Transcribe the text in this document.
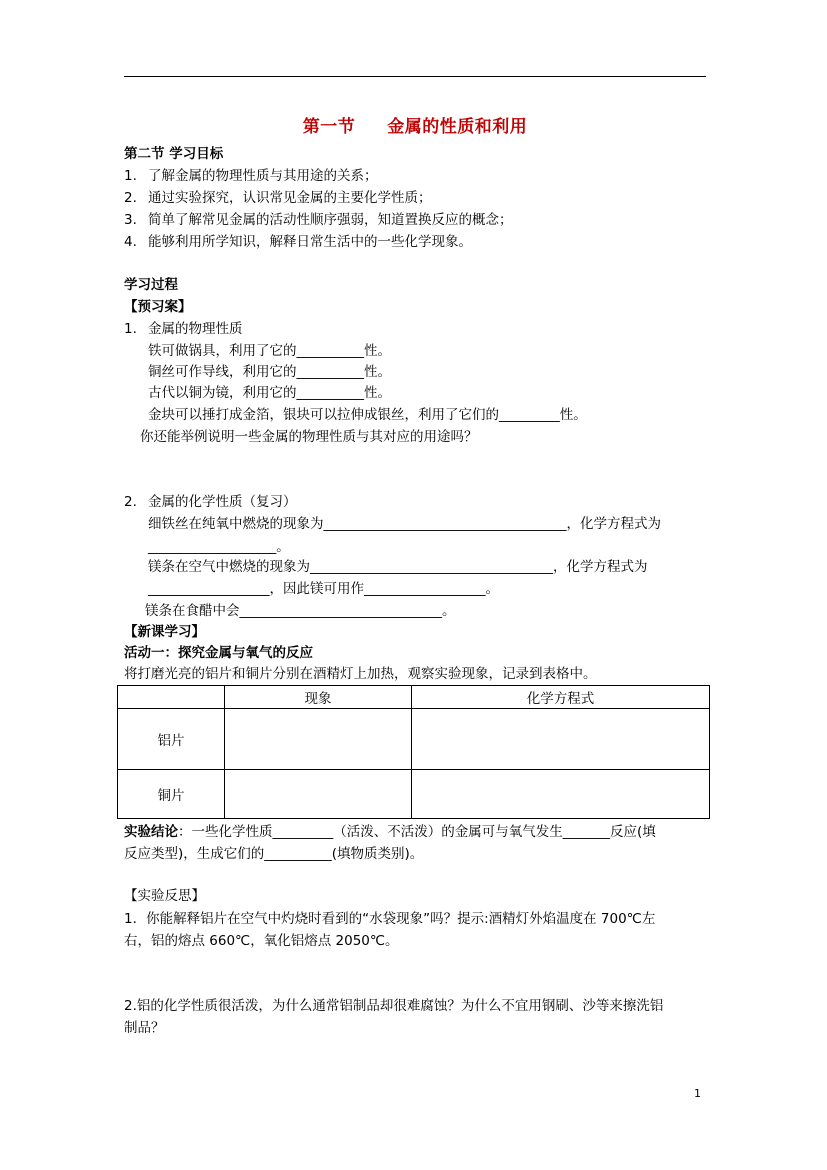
第一节     金属的性质和利用
第二节 学习目标
1. 了解金属的物理性质与其用途的关系；
2. 通过实验探究，认识常见金属的主要化学性质；
3. 简单了解常见金属的活动性顺序强弱，知道置换反应的概念；
4. 能够利用所学知识，解释日常生活中的一些化学现象。
学习过程
【预习案】
1. 金属的物理性质
铁可做锅具，利用了它的__________性。
铜丝可作导线，利用它的__________性。
古代以铜为镜，利用它的__________性。
金块可以捶打成金箔，银块可以拉伸成银丝，利用了它们的_________性。
你还能举例说明一些金属的物理性质与其对应的用途吗？
2. 金属的化学性质（复习）
细铁丝在纯氧中燃烧的现象为____________________________________，化学方程式为
___________________。
镁条在空气中燃烧的现象为____________________________________，化学方程式为
__________________，因此镁可用作__________________。
镁条在食醋中会______________________________。
【新课学习】
活动一：探究金属与氧气的反应
将打磨光亮的铝片和铜片分别在酒精灯上加热，观察实验现象，记录到表格中。
	现象	化学方程式
铝片		
铜片		
实验结论：一些化学性质_________（活泼、不活泼）的金属可与氧气发生_______反应(填
反应类型)，生成它们的__________(填物质类别)。
【实验反思】
1．你能解释铝片在空气中灼烧时看到的“水袋现象”吗？提示:酒精灯外焰温度在 700℃左
右，铝的熔点 660℃，氧化铝熔点 2050℃。
2.铝的化学性质很活泼，为什么通常铝制品却很难腐蚀？为什么不宜用钢刷、沙等来擦洗铝
制品？
1
